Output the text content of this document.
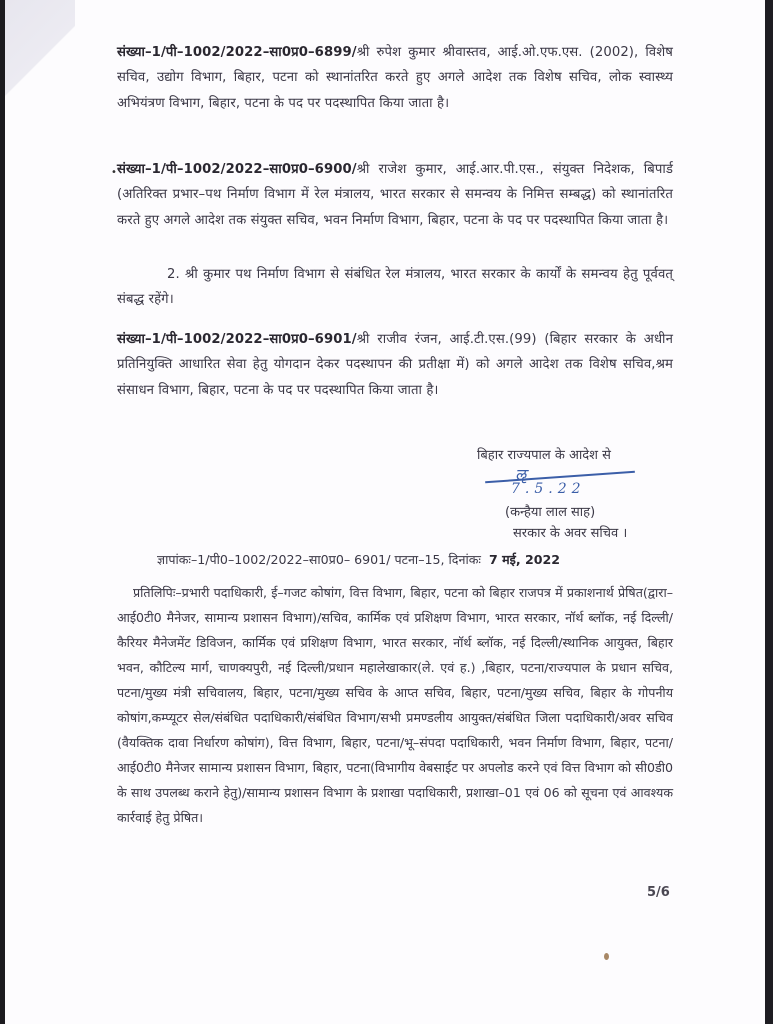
संख्या–1/पी–1002/2022–सा0प्र0–6899/श्री रुपेश कुमार श्रीवास्तव, आई.ओ.एफ.एस. (2002), विशेष सचिव, उद्योग विभाग, बिहार, पटना को स्थानांतरित करते हुए अगले आदेश तक विशेष सचिव, लोक स्वास्थ्य अभियंत्रण विभाग, बिहार, पटना के पद पर पदस्थापित किया जाता है।

• संख्या–1/पी–1002/2022–सा0प्र0–6900/श्री राजेश कुमार, आई.आर.पी.एस., संयुक्त निदेशक, बिपार्ड (अतिरिक्त प्रभार–पथ निर्माण विभाग में रेल मंत्रालय, भारत सरकार से समन्वय के निमित्त सम्बद्ध) को स्थानांतरित करते हुए अगले आदेश तक संयुक्त सचिव, भवन निर्माण विभाग, बिहार, पटना के पद पर पदस्थापित किया जाता है।

2. श्री कुमार पथ निर्माण विभाग से संबंधित रेल मंत्रालय, भारत सरकार के कार्यों के समन्वय हेतु पूर्ववत् संबद्ध रहेंगे।

संख्या–1/पी–1002/2022–सा0प्र0–6901/श्री राजीव रंजन, आई.टी.एस.(99) (बिहार सरकार के अधीन प्रतिनियुक्ति आधारित सेवा हेतु योगदान देकर पदस्थापन की प्रतीक्षा में) को अगले आदेश तक विशेष सचिव,श्रम संसाधन विभाग, बिहार, पटना के पद पर पदस्थापित किया जाता है।

बिहार राज्यपाल के आदेश से
ॡ
7.5.22
(कन्हैया लाल साह)
सरकार के अवर सचिव ।
ज्ञापांकः–1/पी0–1002/2022–सा0प्र0– 6901/ पटना–15, दिनांकः 7 मई, 2022

प्रतिलिपिः–प्रभारी पदाधिकारी, ई–गजट कोषांग, वित्त विभाग, बिहार, पटना को बिहार राजपत्र में प्रकाशनार्थ प्रेषित(द्वारा–आई0टी0 मैनेजर, सामान्य प्रशासन विभाग)/सचिव, कार्मिक एवं प्रशिक्षण विभाग, भारत सरकार, नॉर्थ ब्लॉक, नई दिल्ली/कैरियर मैनेजमेंट डिविजन, कार्मिक एवं प्रशिक्षण विभाग, भारत सरकार, नॉर्थ ब्लॉक, नई दिल्ली/स्थानिक आयुक्त, बिहार भवन, कौटिल्य मार्ग, चाणक्यपुरी, नई दिल्ली/प्रधान महालेखाकार(ले. एवं ह.) ,बिहार, पटना/राज्यपाल के प्रधान सचिव, पटना/मुख्य मंत्री सचिवालय, बिहार, पटना/मुख्य सचिव के आप्त सचिव, बिहार, पटना/मुख्य सचिव, बिहार के गोपनीय कोषांग,कम्प्यूटर सेल/संबंधित पदाधिकारी/संबंधित विभाग/सभी प्रमण्डलीय आयुक्त/संबंधित जिला पदाधिकारी/अवर सचिव (वैयक्तिक दावा निर्धारण कोषांग), वित्त विभाग, बिहार, पटना/भू–संपदा पदाधिकारी, भवन निर्माण विभाग, बिहार, पटना/आई0टी0 मैनेजर सामान्य प्रशासन विभाग, बिहार, पटना(विभागीय वेबसाईट पर अपलोड करने एवं वित्त विभाग को सी0डी0 के साथ उपलब्ध कराने हेतु)/सामान्य प्रशासन विभाग के प्रशाखा पदाधिकारी, प्रशाखा–01 एवं 06 को सूचना एवं आवश्यक कार्रवाई हेतु प्रेषित।

5/6
